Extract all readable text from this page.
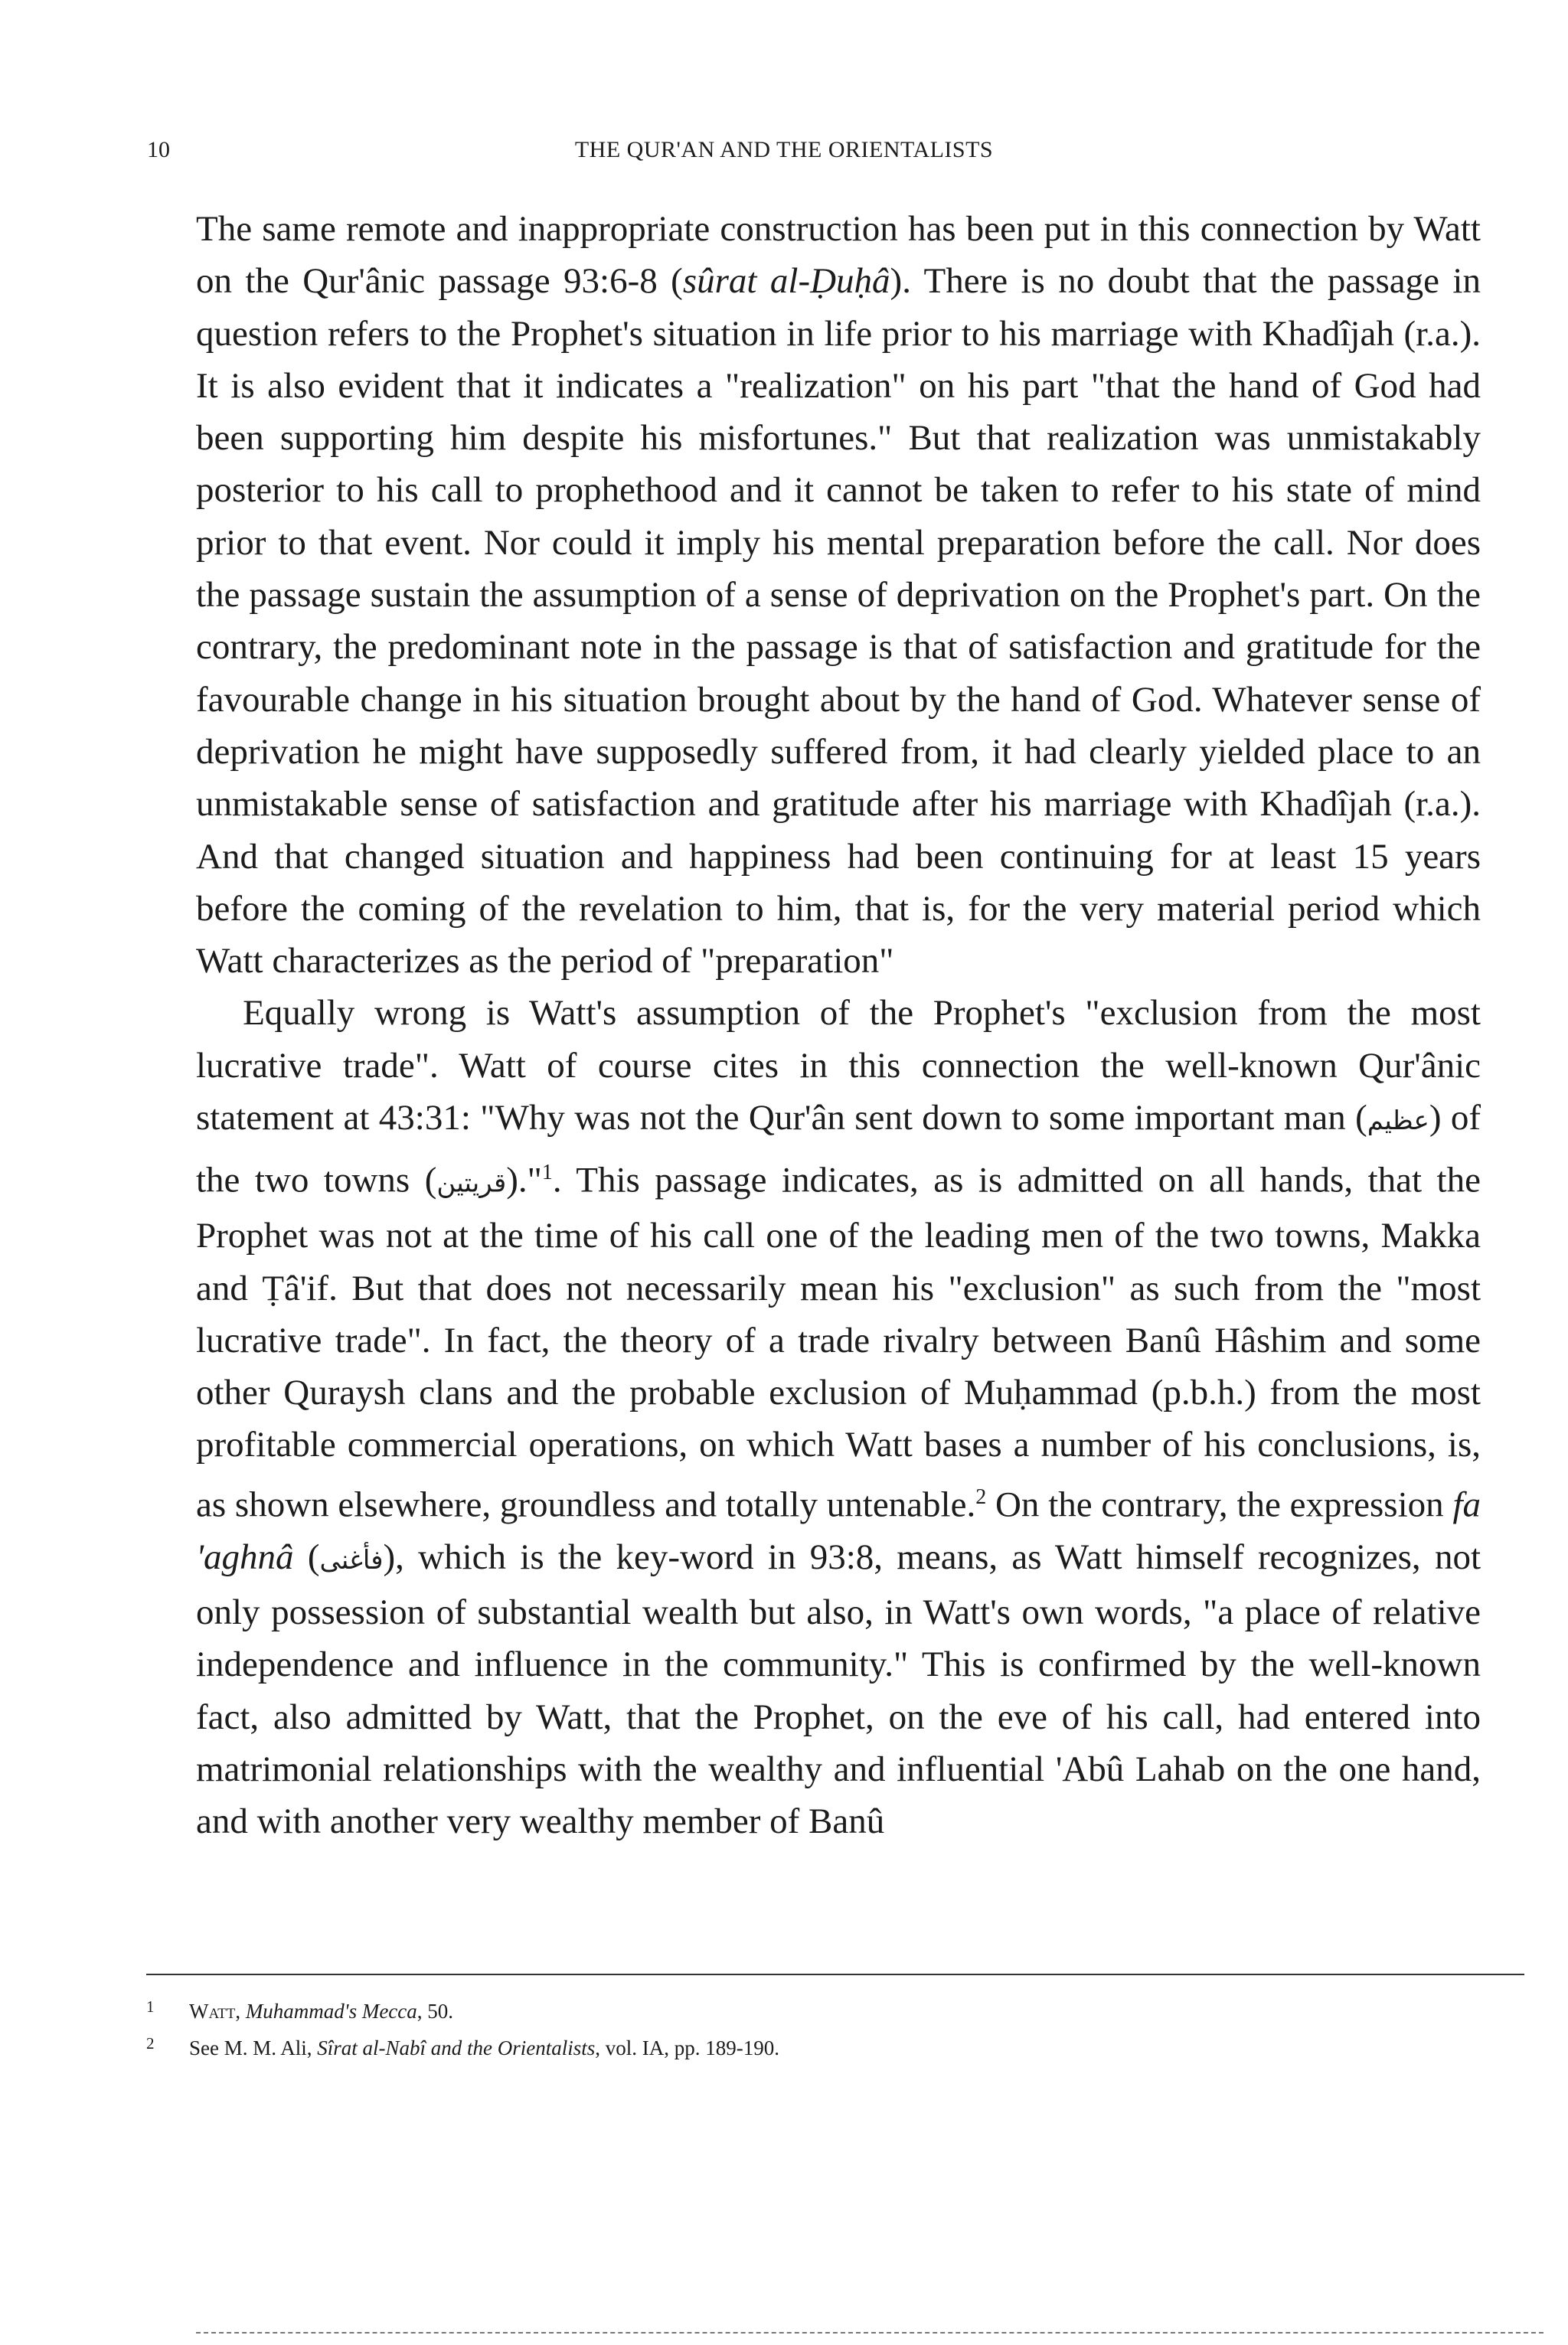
10	THE QUR'AN AND THE ORIENTALISTS

The same remote and inappropriate construction has been put in this connection by Watt on the Qur'ânic passage 93:6-8 (sûrat al-Ḍuḥâ). There is no doubt that the passage in question refers to the Prophet's situation in life prior to his marriage with Khadîjah (r.a.). It is also evident that it indicates a "realization" on his part "that the hand of God had been supporting him despite his misfortunes." But that realization was unmistakably posterior to his call to prophethood and it cannot be taken to refer to his state of mind prior to that event. Nor could it imply his mental preparation before the call. Nor does the passage sustain the assumption of a sense of deprivation on the Prophet's part. On the contrary, the predominant note in the passage is that of satisfaction and gratitude for the favourable change in his situation brought about by the hand of God. Whatever sense of deprivation he might have supposedly suffered from, it had clearly yielded place to an unmistakable sense of satisfaction and gratitude after his marriage with Khadîjah (r.a.). And that changed situation and happiness had been continuing for at least 15 years before the coming of the revelation to him, that is, for the very material period which Watt characterizes as the period of "preparation"

Equally wrong is Watt's assumption of the Prophet's "exclusion from the most lucrative trade". Watt of course cites in this connection the well-known Qur'ânic statement at 43:31: "Why was not the Qur'ân sent down to some important man (عظيم) of the two towns (قريتين)."$^1$. This passage indicates, as is admitted on all hands, that the Prophet was not at the time of his call one of the leading men of the two towns, Makka and Ṭâ'if. But that does not necessarily mean his "exclusion" as such from the "most lucrative trade". In fact, the theory of a trade rivalry between Banû Hâshim and some other Quraysh clans and the probable exclusion of Muḥammad (p.b.h.) from the most profitable commercial operations, on which Watt bases a number of his conclusions, is, as shown elsewhere, groundless and totally untenable.$^2$ On the contrary, the expression fa 'aghnâ (فأغنى), which is the key-word in 93:8, means, as Watt himself recognizes, not only possession of substantial wealth but also, in Watt's own words, "a place of relative independence and influence in the community." This is confirmed by the well-known fact, also admitted by Watt, that the Prophet, on the eve of his call, had entered into matrimonial relationships with the wealthy and influential 'Abû Lahab on the one hand, and with another very wealthy member of Banû

1 Watt, Muhammad's Mecca, 50.

2 See M. M. Ali, Sîrat al-Nabî and the Orientalists, vol. IA, pp. 189-190.
